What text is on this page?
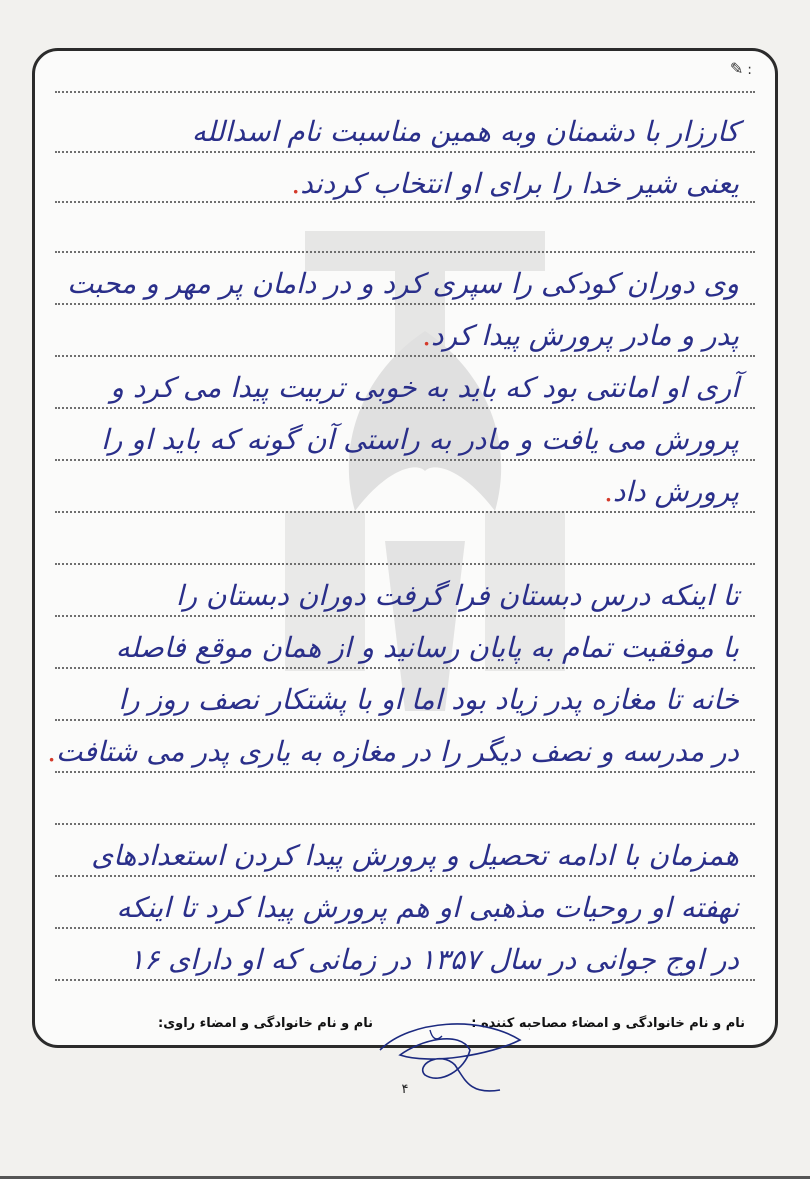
✎ :
کارزار با دشمنان وبه همین مناسبت نام اسدالله
یعنی شیر خدا را برای او انتخاب کردند.
وی دوران کودکی را سپری کرد و در دامان پر مهر و محبت
پدر و مادر پرورش پیدا کرد.
آری او امانتی بود که باید به خوبی تربیت پیدا می کرد و
پرورش می یافت و مادر به راستی آن گونه که باید او را
پرورش داد.
تا اینکه درس دبستان فرا گرفت دوران دبستان را
با موفقیت تمام به پایان رسانید و از همان موقع فاصله
خانه تا مغازه پدر زیاد بود اما او با پشتکار نصف روز را
در مدرسه و نصف دیگر را در مغازه به یاری پدر می شتافت.
همزمان با ادامه تحصیل و پرورش پیدا کردن استعدادهای
نهفته او روحیات مذهبی او هم پرورش پیدا کرد تا اینکه
در اوج جوانی در سال ۱۳۵۷ در زمانی که او دارای ۱۶
نام و نام خانوادگی و امضاء مصاحبه کننده :
نام و نام خانوادگی و امضاء راوی:
۴
